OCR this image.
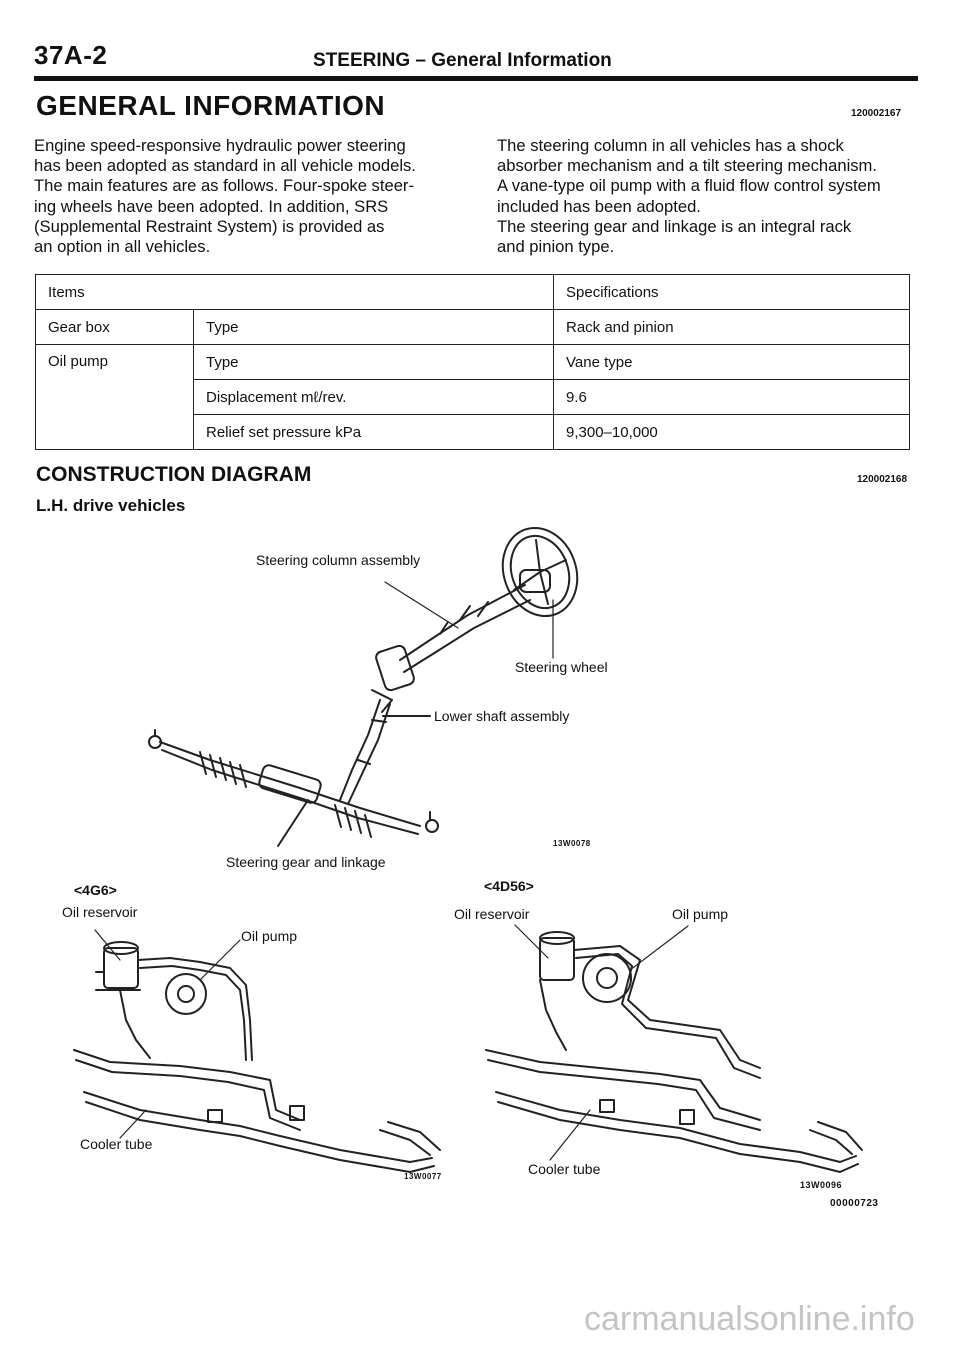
37A-2	STEERING – General Information
GENERAL INFORMATION	120002167
Engine speed-responsive hydraulic power steering
has been adopted as standard in all vehicle models.
The main features are as follows. Four-spoke steer-
ing wheels have been adopted. In addition, SRS
(Supplemental Restraint System) is provided as
an option in all vehicles.
The steering column in all vehicles has a shock
absorber mechanism and a tilt steering mechanism.
A vane-type oil pump with a fluid flow control system
included has been adopted.
The steering gear and linkage is an integral rack
and pinion type.
Items		Specifications
Gear box	Type	Rack and pinion
Oil pump	Type	Vane type
	Displacement mℓ/rev.	9.6
	Relief set pressure kPa	9,300–10,000
CONSTRUCTION DIAGRAM	120002168
L.H. drive vehicles
Steering column assembly
Steering wheel
Lower shaft assembly
Steering gear and linkage
13W0078
<4G6>
Oil reservoir
Oil pump
Cooler tube
13W0077
<4D56>
Oil reservoir	Oil pump
Cooler tube
13W0096
00000723
carmanualsonline.info
